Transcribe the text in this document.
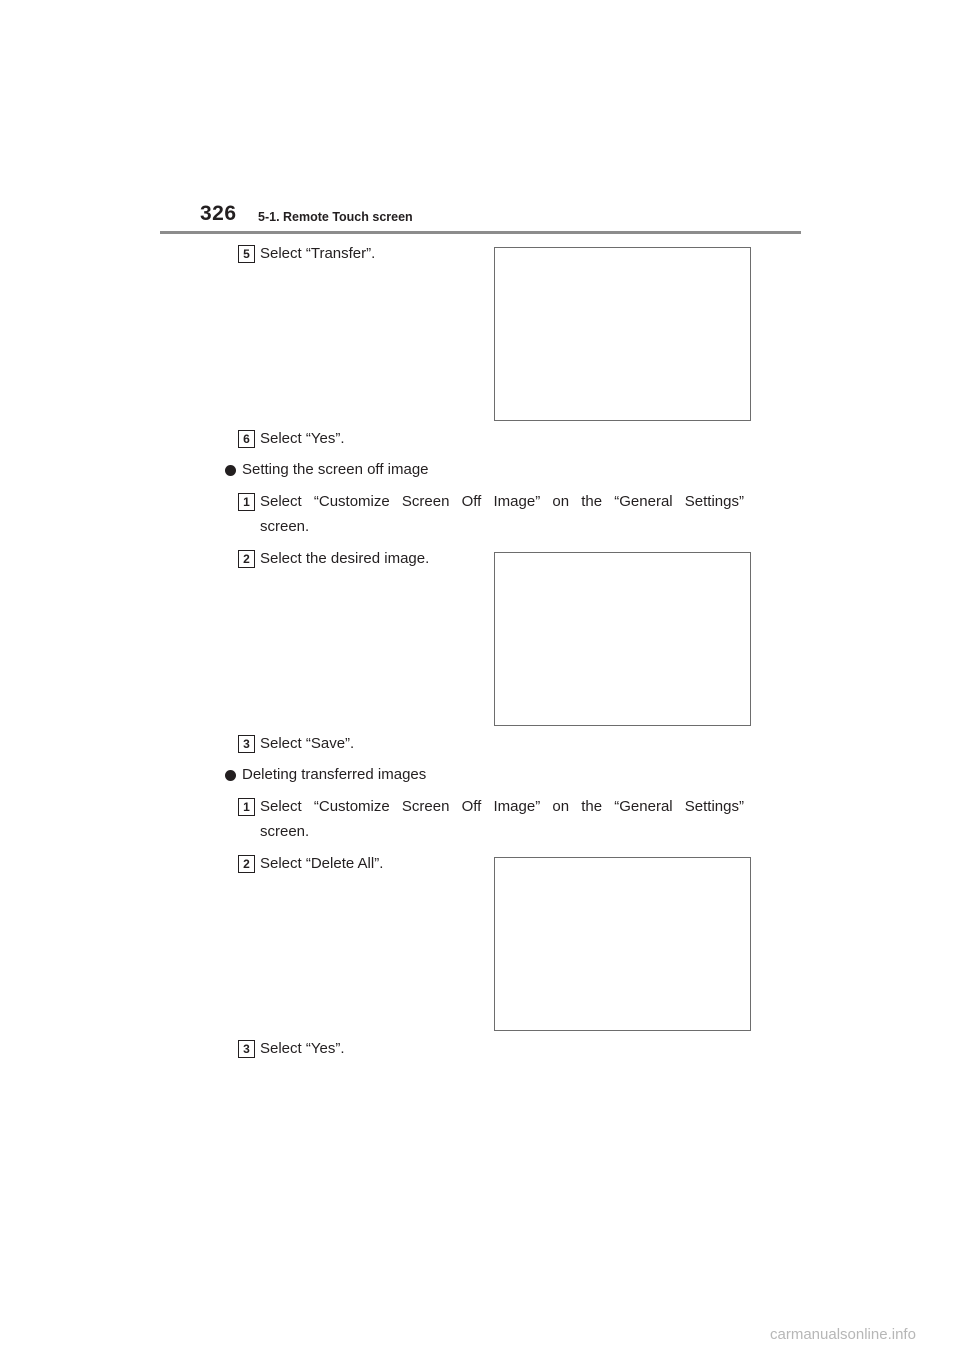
326 5-1. Remote Touch screen
5 Select “Transfer”.
6 Select “Yes”.
Setting the screen off image
1 Select “Customize Screen Off Image” on the “General Settings”
screen.
2 Select the desired image.
3 Select “Save”.
Deleting transferred images
1 Select “Customize Screen Off Image” on the “General Settings”
screen.
2 Select “Delete All”.
3 Select “Yes”.
carmanualsonline.info
